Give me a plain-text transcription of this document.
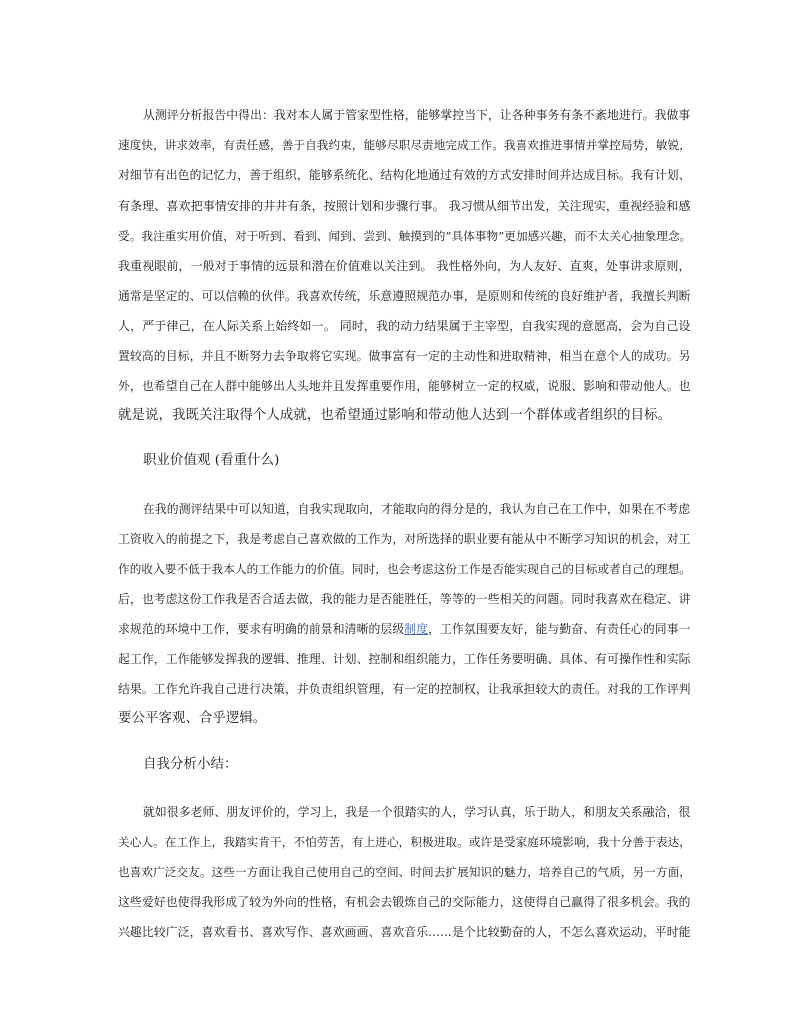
从测评分析报告中得出：我对本人属于管家型性格，能够掌控当下，让各种事务有条不紊地进行。我做事
速度快，讲求效率，有责任感，善于自我约束，能够尽职尽责地完成工作。我喜欢推进事情并掌控局势，敏锐，
对细节有出色的记忆力，善于组织，能够系统化、结构化地通过有效的方式安排时间并达成目标。我有计划、
有条理、喜欢把事情安排的井井有条，按照计划和步骤行事。 我习惯从细节出发，关注现实，重视经验和感
受。我注重实用价值，对于听到、看到、闻到、尝到、触摸到的“具体事物”更加感兴趣，而不太关心抽象理念。
我重视眼前，一般对于事情的远景和潜在价值难以关注到。 我性格外向，为人友好、直爽，处事讲求原则，
通常是坚定的、可以信赖的伙伴。我喜欢传统，乐意遵照规范办事，是原则和传统的良好维护者，我擅长判断
人，严于律己，在人际关系上始终如一。 同时，我的动力结果属于主宰型，自我实现的意愿高，会为自己设
置较高的目标，并且不断努力去争取将它实现。做事富有一定的主动性和进取精神，相当在意个人的成功。另
外，也希望自己在人群中能够出人头地并且发挥重要作用，能够树立一定的权威，说服、影响和带动他人。也
就是说，我既关注取得个人成就，也希望通过影响和带动他人达到一个群体或者组织的目标。
职业价值观 (看重什么)
在我的测评结果中可以知道，自我实现取向，才能取向的得分是的，我认为自己在工作中，如果在不考虑
工资收入的前提之下，我是考虑自己喜欢做的工作为，对所选择的职业要有能从中不断学习知识的机会，对工
作的收入要不低于我本人的工作能力的价值。同时，也会考虑这份工作是否能实现自己的目标或者自己的理想。
后，也考虑这份工作我是否合适去做，我的能力是否能胜任，等等的一些相关的问题。同时我喜欢在稳定、讲
求规范的环境中工作，要求有明确的前景和清晰的层级制度，工作氛围要友好，能与勤奋、有责任心的同事一
起工作，工作能够发挥我的逻辑、推理、计划、控制和组织能力，工作任务要明确、具体、有可操作性和实际
结果。工作允许我自己进行决策，并负责组织管理，有一定的控制权，让我承担较大的责任。对我的工作评判
要公平客观、合乎逻辑。
自我分析小结：
就如很多老师、朋友评价的，学习上，我是一个很踏实的人，学习认真，乐于助人，和朋友关系融洽，很
关心人。在工作上，我踏实肯干，不怕劳苦，有上进心，积极进取。或许是受家庭环境影响，我十分善于表达，
也喜欢广泛交友。这些一方面让我自己使用自己的空间、时间去扩展知识的魅力，培养自己的气质，另一方面，
这些爱好也使得我形成了较为外向的性格，有机会去锻炼自己的交际能力，这使得自己赢得了很多机会。我的
兴趣比较广泛，喜欢看书、喜欢写作、喜欢画画、喜欢音乐……是个比较勤奋的人，不怎么喜欢运动，平时能
